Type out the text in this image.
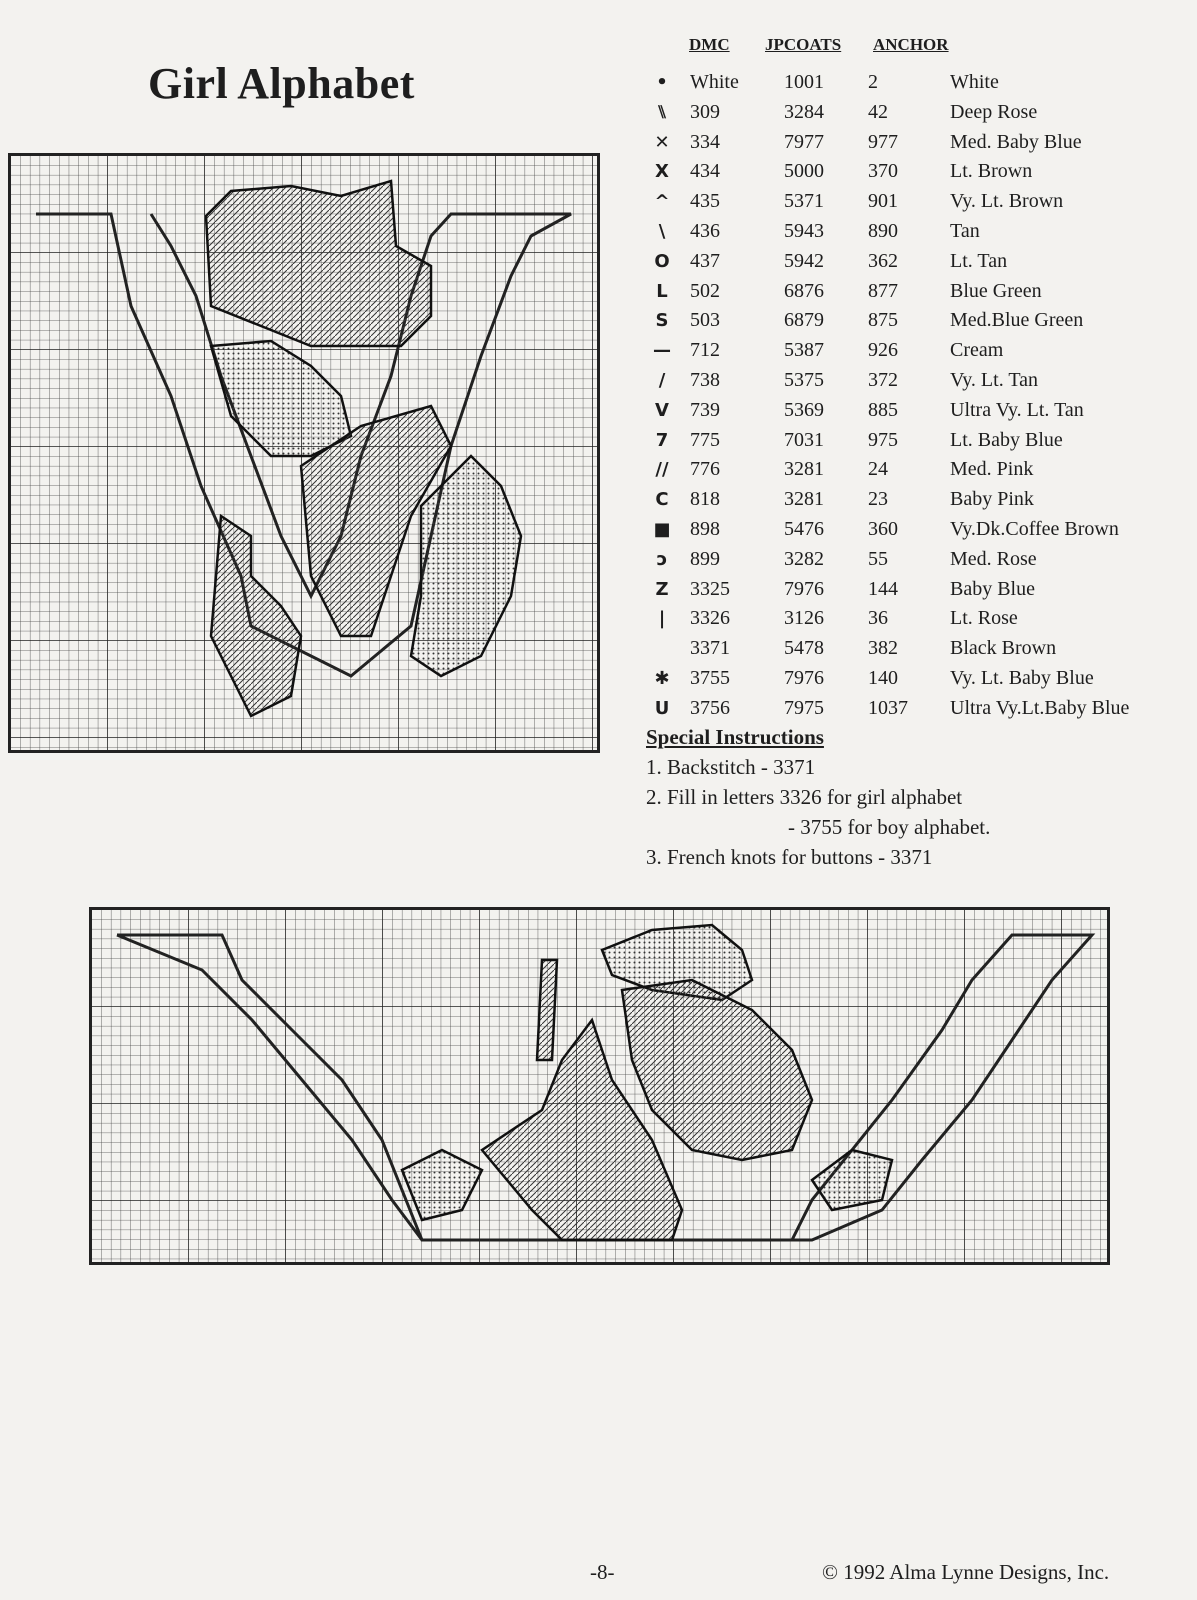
Girl Alphabet
DMC JPCOATS ANCHOR
•	White 1001 2	White
⑊	309	3284 42	Deep Rose
✕ 334	7977 977	Med. Baby Blue
X 434	5000 370	Lt. Brown
^ 435	5371 901	Vy. Lt. Brown
\	436	5943 890	Tan
O 437	5942 362	Lt. Tan
L	502	6876 877	Blue Green
S 503	6879 875	Med.Blue Green
— 712	5387 926	Cream
/	738	5375 372	Vy. Lt. Tan
V 739	5369 885	Ultra Vy. Lt. Tan
7 775	7031 975	Lt. Baby Blue
// 776	3281 24	Med. Pink
C 818	3281 23	Baby Pink
■ 898	5476 360	Vy.Dk.Coffee Brown
ɔ	899	3282 55	Med. Rose
Z 3325	7976 144	Baby Blue
|	3326	3126 36	Lt. Rose
3371	5478 382	Black Brown
✱ 3755	7976 140	Vy. Lt. Baby Blue
U 3756	7975 1037 Ultra Vy.Lt.Baby Blue
Special Instructions
1. Backstitch - 3371
2. Fill in letters 3326 for girl alphabet
- 3755 for boy alphabet.
3. French knots for buttons - 3371
-8-	© 1992 Alma Lynne Designs, Inc.
